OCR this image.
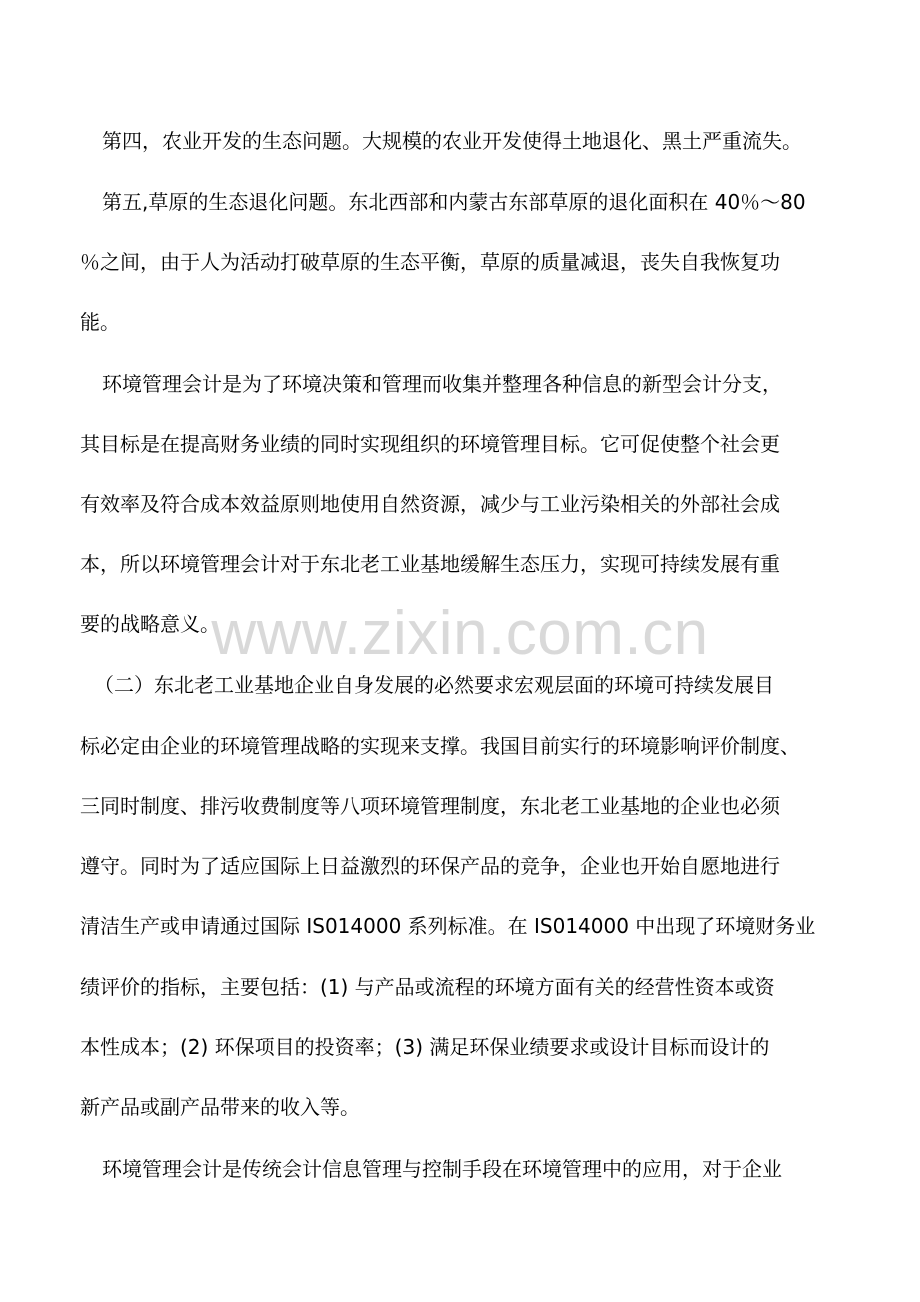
www.zixin.com.cn
第四，农业开发的生态问题。大规模的农业开发使得土地退化、黑土严重流失。
第五,草原的生态退化问题。东北西部和内蒙古东部草原的退化面积在 40％～80
％之间，由于人为活动打破草原的生态平衡，草原的质量减退，丧失自我恢复功
能。
环境管理会计是为了环境决策和管理而收集并整理各种信息的新型会计分支，
其目标是在提高财务业绩的同时实现组织的环境管理目标。它可促使整个社会更
有效率及符合成本效益原则地使用自然资源，减少与工业污染相关的外部社会成
本，所以环境管理会计对于东北老工业基地缓解生态压力，实现可持续发展有重
要的战略意义。
（二）东北老工业基地企业自身发展的必然要求宏观层面的环境可持续发展目
标必定由企业的环境管理战略的实现来支撑。我国目前实行的环境影响评价制度、
三同时制度、排污收费制度等八项环境管理制度，东北老工业基地的企业也必须
遵守。同时为了适应国际上日益激烈的环保产品的竞争，企业也开始自愿地进行
清洁生产或申请通过国际 IS014000 系列标准。在 IS014000 中出现了环境财务业
绩评价的指标，主要包括：(1) 与产品或流程的环境方面有关的经营性资本或资
本性成本；(2) 环保项目的投资率；(3) 满足环保业绩要求或设计目标而设计的
新产品或副产品带来的收入等。
环境管理会计是传统会计信息管理与控制手段在环境管理中的应用，对于企业
